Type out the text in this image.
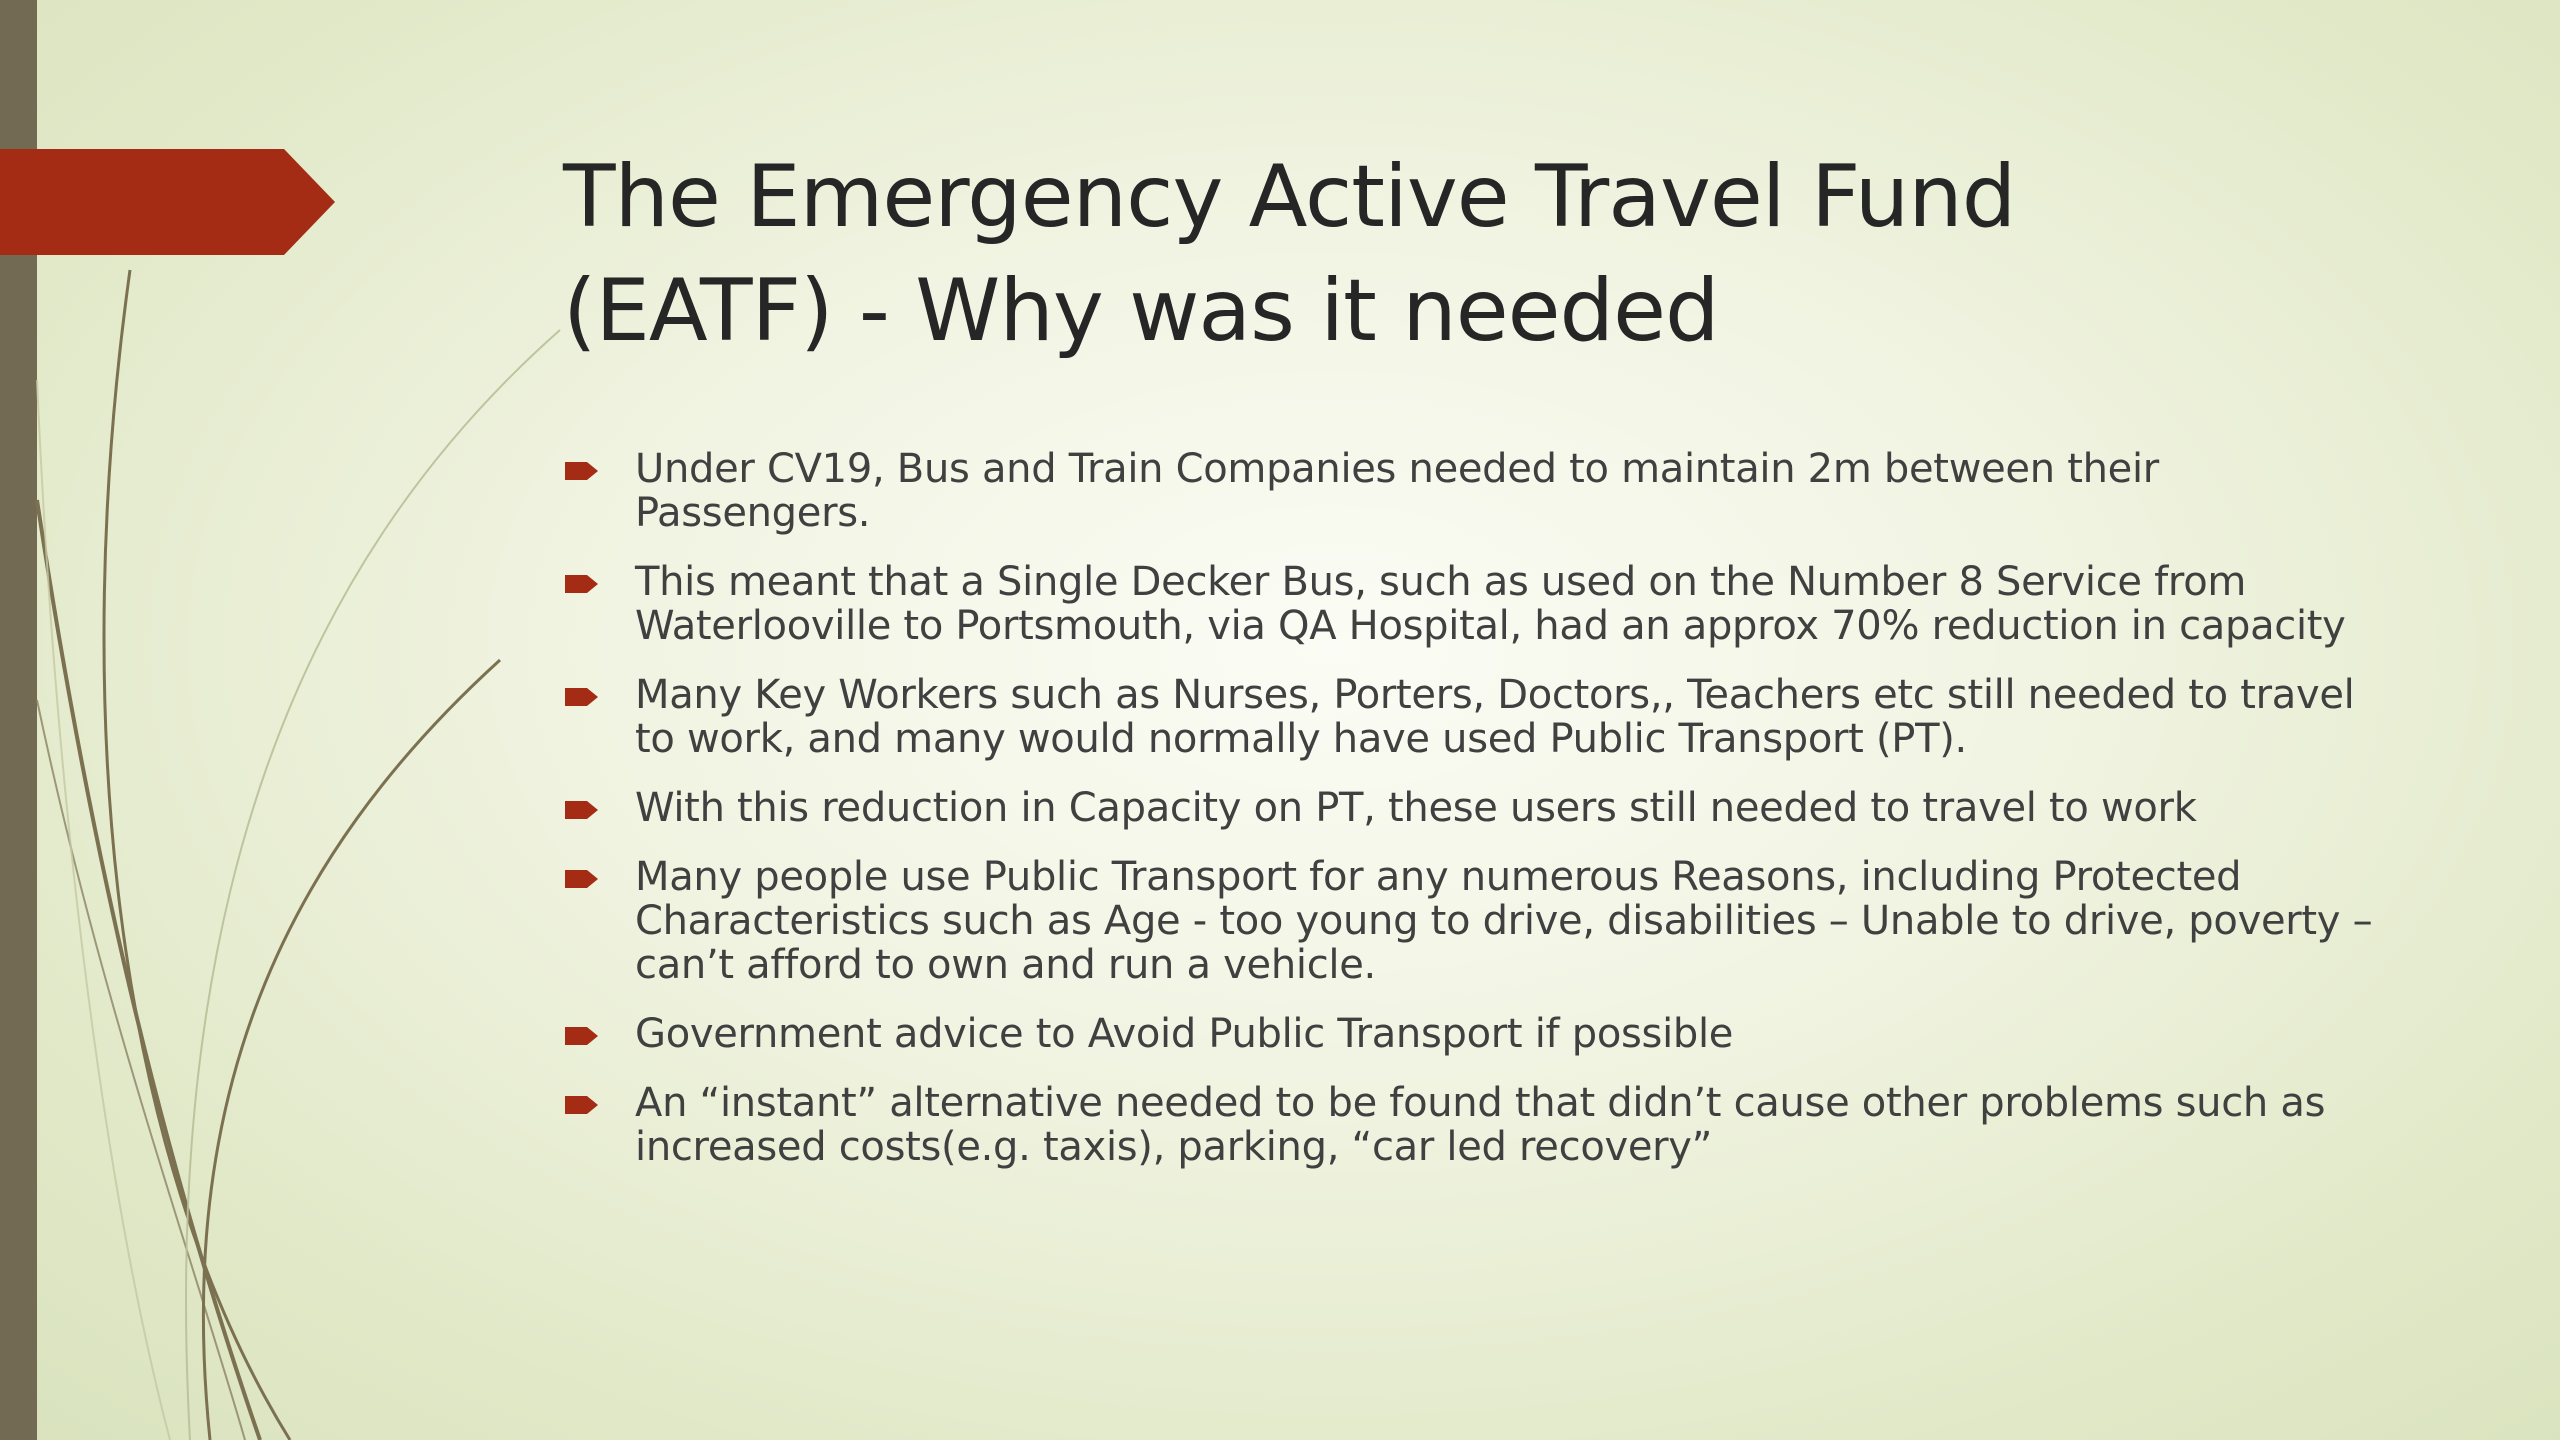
The Emergency Active Travel Fund
(EATF) - Why was it needed
Under CV19, Bus and Train Companies needed to maintain 2m between their Passengers.
This meant that a Single Decker Bus, such as used on the Number 8 Service from Waterlooville to Portsmouth, via QA Hospital, had an approx 70% reduction in capacity
Many Key Workers such as Nurses, Porters, Doctors,, Teachers etc still needed to travel to work, and many would normally have used Public Transport (PT).
With this reduction in Capacity on PT, these users still needed to travel to work
Many people use Public Transport for any numerous Reasons, including Protected Characteristics such as Age - too young to drive, disabilities – Unable to drive, poverty – can’t afford to own and run a vehicle.
Government advice to Avoid Public Transport if possible
An “instant” alternative needed to be found that didn’t cause other problems such as increased costs(e.g. taxis), parking, “car led recovery”
